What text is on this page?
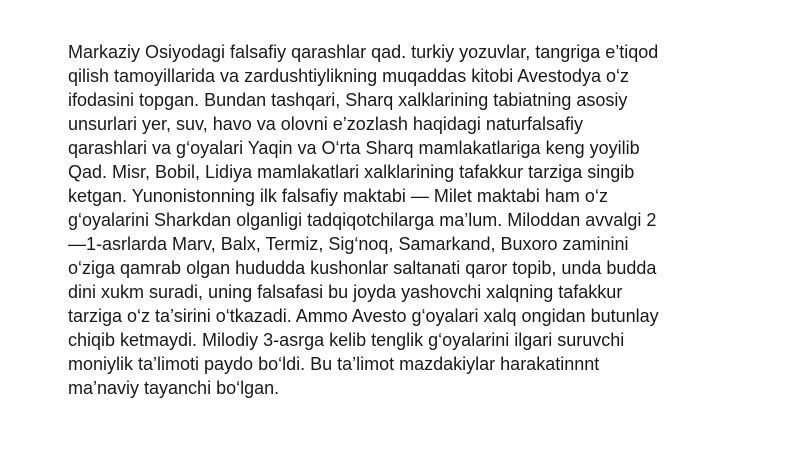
Markaziy Osiyodagi falsafiy qarashlar qad. turkiy yozuvlar, tangriga e’tiqod
qilish tamoyillarida va zardushtiylikning muqaddas kitobi Avestodya o‘z
ifodasini topgan. Bundan tashqari, Sharq xalklarining tabiatning asosiy
unsurlari yer, suv, havo va olovni e’zozlash haqidagi naturfalsafiy
qarashlari va g‘oyalari Yaqin va O‘rta Sharq mamlakatlariga keng yoyilib
Qad. Misr, Bobil, Lidiya mamlakatlari xalklarining tafakkur tarziga singib
ketgan. Yunonistonning ilk falsafiy maktabi — Milet maktabi ham o‘z
g‘oyalarini Sharkdan olganligi tadqiqotchilarga ma’lum. Miloddan avvalgi 2
—1-asrlarda Marv, Balx, Termiz, Sig‘noq, Samarkand, Buxoro zaminini
o‘ziga qamrab olgan hududda kushonlar saltanati qaror topib, unda budda
dini xukm suradi, uning falsafasi bu joyda yashovchi xalqning tafakkur
tarziga o‘z ta’sirini o‘tkazadi. Ammo Avesto g‘oyalari xalq ongidan butunlay
chiqib ketmaydi. Milodiy 3-asrga kelib tenglik g‘oyalarini ilgari suruvchi
moniylik ta’limoti paydo bo‘ldi. Bu ta’limot mazdakiylar harakatinnnt
ma’naviy tayanchi bo‘lgan.
